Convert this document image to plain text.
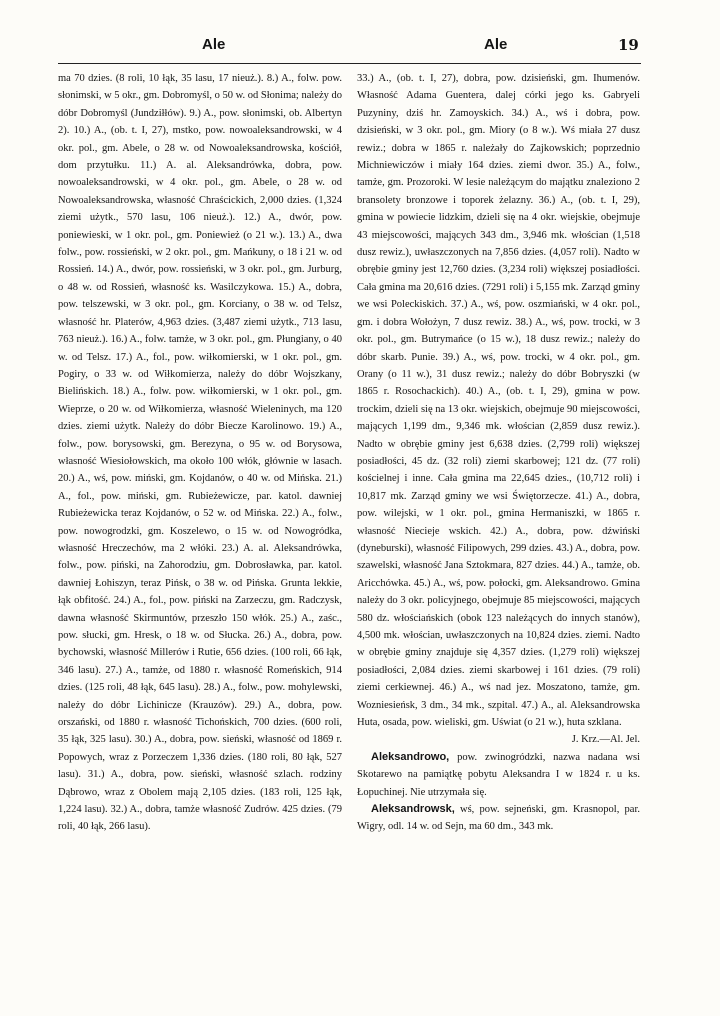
Ale	Ale	19

ma 70 dzies. (8 roli, 10 łąk, 35 lasu, 17 nieuż.). 8.) A., folw. pow. słonimski, w 5 okr., gm. Dobromyśl, o 50 w. od Słonima; należy do dóbr Dobromyśl (Jundziłłów). 9.) A., pow. słonimski, ob. Albertyn 2). 10.) A., (ob. t. I, 27), mstko, pow. nowoaleksandrowski, w 4 okr. pol., gm. Abele, o 28 w. od Nowoaleksandrowska, kościół, dom przytułku. 11.) A. al. Aleksandrówka, dobra, pow. nowoaleksandrowski, w 4 okr. pol., gm. Abele, o 28 w. od Nowoaleksandrowska, własność Chraścickich, 2,000 dzies. (1,324 ziemi użytk., 570 lasu, 106 nieuż.). 12.) A., dwór, pow. poniewieski, w 1 okr. pol., gm. Poniewież (o 21 w.). 13.) A., dwa folw., pow. rossieński, w 2 okr. pol., gm. Mańkuny, o 18 i 21 w. od Rossień. 14.) A., dwór, pow. rossieński, w 3 okr. pol., gm. Jurburg, o 48 w. od Rossień, własność ks. Wasilczykowa. 15.) A., dobra, pow. telszewski, w 3 okr. pol., gm. Korciany, o 38 w. od Telsz, własność hr. Platerów, 4,963 dzies. (3,487 ziemi użytk., 713 lasu, 763 nieuż.). 16.) A., folw. tamże, w 3 okr. pol., gm. Płungiany, o 40 w. od Telsz. 17.) A., fol., pow. wiłkomierski, w 1 okr. pol., gm. Pogiry, o 33 w. od Wiłkomierza, należy do dóbr Wojszkany, Bielińskich. 18.) A., folw. pow. wiłkomierski, w 1 okr. pol., gm. Wieprze, o 20 w. od Wiłkomierza, własność Wieleninych, ma 120 dzies. ziemi użytk. Należy do dóbr Biecze Karolinowo. 19.) A., folw., pow. borysowski, gm. Berezyna, o 95 w. od Borysowa, własność Wiesiołowskich, ma około 100 włók, głównie w lasach. 20.) A., wś, pow. miński, gm. Kojdanów, o 40 w. od Mińska. 21.) A., fol., pow. miński, gm. Rubieżewicze, par. katol. dawniej Rubieżewicka teraz Kojdanów, o 52 w. od Mińska. 22.) A., folw., pow. nowogrodzki, gm. Koszelewo, o 15 w. od Nowogródka, własność Hreczechów, ma 2 włóki. 23.) A. al. Aleksandrówka, folw., pow. piński, na Zahorodziu, gm. Dobrosławka, par. katol. dawniej Łohiszyn, teraz Pińsk, o 38 w. od Pińska. Grunta lekkie, łąk obfitość. 24.) A., fol., pow. piński na Zarzeczu, gm. Radczysk, dawna własność Skirmuntów, przeszło 150 włók. 25.) A., zaśc., pow. słucki, gm. Hresk, o 18 w. od Słucka. 26.) A., dobra, pow. bychowski, własność Millerów i Rutie, 656 dzies. (100 roli, 66 łąk, 346 lasu). 27.) A., tamże, od 1880 r. własność Romeńskich, 914 dzies. (125 roli, 48 łąk, 645 lasu). 28.) A., folw., pow. mohylewski, należy do dóbr Lichinicze (Krauzów). 29.) A., dobra, pow. orszański, od 1880 r. własność Tichońskich, 700 dzies. (600 roli, 35 łąk, 325 lasu). 30.) A., dobra, pow. sieński, własność od 1869 r. Popowych, wraz z Porzeczem 1,336 dzies. (180 roli, 80 łąk, 527 lasu). 31.) A., dobra, pow. sieński, własność szlach. rodziny Dąbrowo, wraz z Obolem mają 2,105 dzies. (183 roli, 125 łąk, 1,224 lasu). 32.) A., dobra, tamże własność Zudrów. 425 dzies. (79 roli, 40 łąk, 266 lasu).

33.) A., (ob. t. I, 27), dobra, pow. dzisieński, gm. Ihumenów. Własność Adama Guentera, dalej córki jego ks. Gabryeli Puzyniny, dziś hr. Zamoyskich. 34.) A., wś i dobra, pow. dzisieński, w 3 okr. pol., gm. Miory (o 8 w.). Wś miała 27 dusz rewiz.; dobra w 1865 r. należały do Zajkowskich; poprzednio Michniewiczów i miały 164 dzies. ziemi dwor. 35.) A., folw., tamże, gm. Prozoroki. W lesie należącym do majątku znaleziono 2 bransolety bronzowe i toporek żelazny. 36.) A., (ob. t. I, 29), gmina w powiecie lidzkim, dzieli się na 4 okr. wiejskie, obejmuje 43 miejscowości, mających 343 dm., 3,946 mk. włościan (1,518 dusz rewiz.), uwłaszczonych na 7,856 dzies. (4,057 roli). Nadto w obrębie gminy jest 12,760 dzies. (3,234 roli) większej posiadłości. Cała gmina ma 20,616 dzies. (7291 roli) i 5,155 mk. Zarząd gminy we wsi Poleckiskich. 37.) A., wś, pow. oszmiański, w 4 okr. pol., gm. i dobra Wołożyn, 7 dusz rewiz. 38.) A., wś, pow. trocki, w 3 okr. pol., gm. Butrymańce (o 15 w.), 18 dusz rewiz.; należy do dóbr skarb. Punie. 39.) A., wś, pow. trocki, w 4 okr. pol., gm. Orany (o 11 w.), 31 dusz rewiz.; należy do dóbr Bobryszki (w 1865 r. Rosochackich). 40.) A., (ob. t. I, 29), gmina w pow. trockim, dzieli się na 13 okr. wiejskich, obejmuje 90 miejscowości, mających 1,199 dm., 9,346 mk. włościan (2,859 dusz rewiz.). Nadto w obrębie gminy jest 6,638 dzies. (2,799 roli) większej posiadłości, 45 dz. (32 roli) ziemi skarbowej; 121 dz. (77 roli) kościelnej i inne. Cała gmina ma 22,645 dzies., (10,712 roli) i 10,817 mk. Zarząd gminy we wsi Świętorzecze. 41.) A., dobra, pow. wilejski, w 1 okr. pol., gmina Hermaniszki, w 1865 r. własność Niecieje wskich. 42.) A., dobra, pow. dźwiński (dyneburski), własność Filipowych, 299 dzies. 43.) A., dobra, pow. szawelski, własność Jana Sztokmara, 827 dzies. 44.) A., tamże, ob. Aricchówka. 45.) A., wś, pow. połocki, gm. Aleksandrowo. Gmina należy do 3 okr. policyjnego, obejmuje 85 miejscowości, mających 580 dz. włościańskich (obok 123 należących do innych stanów), 4,500 mk. włościan, uwłaszczonych na 10,824 dzies. ziemi. Nadto w obrębie gminy znajduje się 4,357 dzies. (1,279 roli) większej posiadłości, 2,084 dzies. ziemi skarbowej i 161 dzies. (79 roli) ziemi cerkiewnej. 46.) A., wś nad jez. Moszatono, tamże, gm. Wozniesieńsk, 3 dm., 34 mk., szpital. 47.) A., al. Aleksandrowska Huta, osada, pow. wieliski, gm. Uświat (o 21 w.), huta szklana.

J. Krz.—Al. Jel.

Aleksandrowo, pow. zwinogródzki, nazwa nadana wsi Skotarewo na pamiątkę pobytu Aleksandra I w 1824 r. u ks. Łopuchinej. Nie utrzymała się.

Aleksandrowsk, wś, pow. sejneński, gm. Krasnopol, par. Wigry, odl. 14 w. od Sejn, ma 60 dm., 343 mk.
